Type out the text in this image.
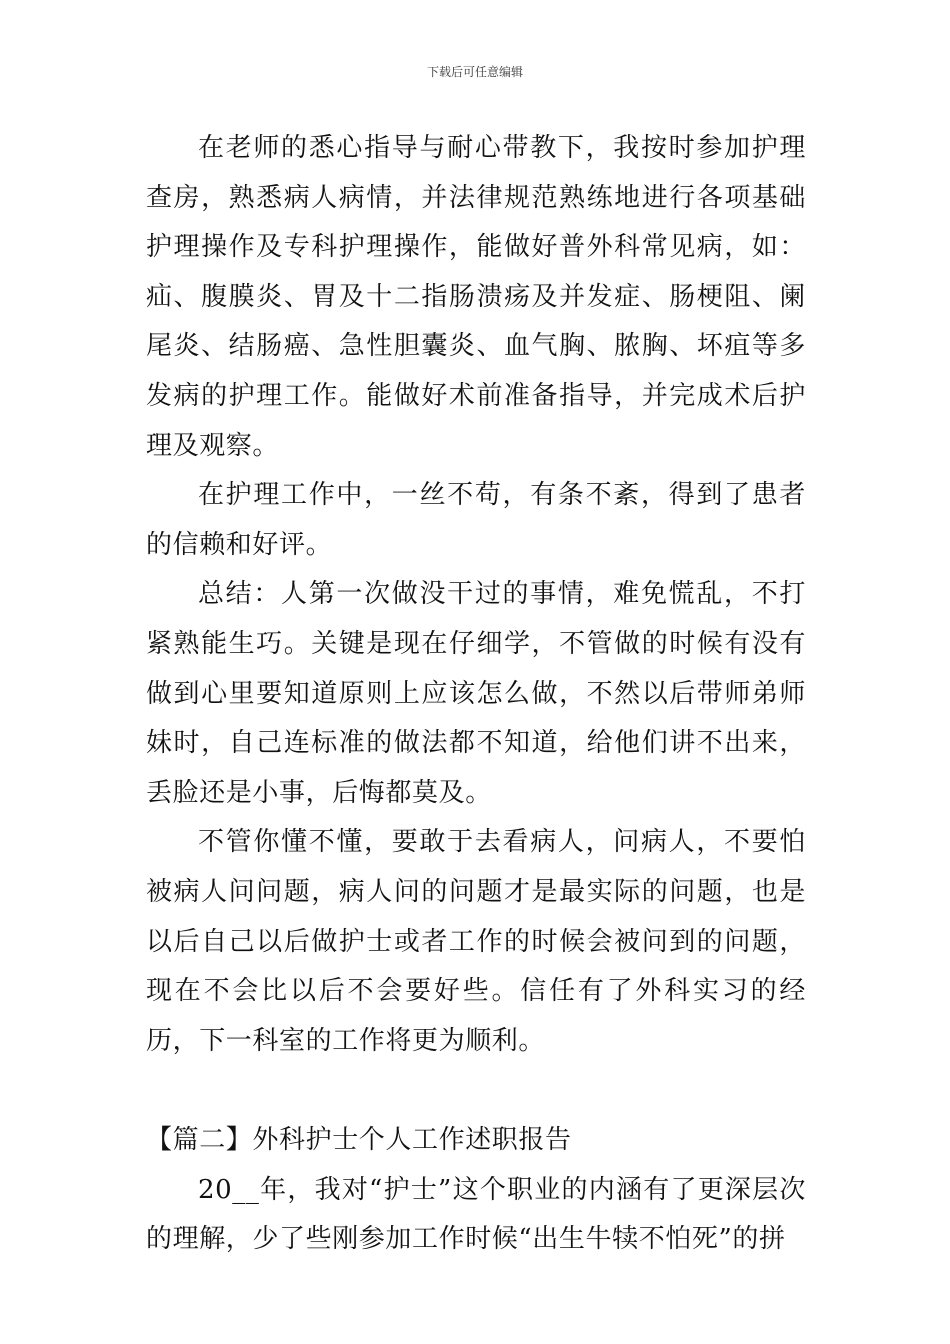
下载后可任意编辑

在老师的悉心指导与耐心带教下，我按时参加护理查房，熟悉病人病情，并法律规范熟练地进行各项基础护理操作及专科护理操作，能做好普外科常见病，如：疝、腹膜炎、胃及十二指肠溃疡及并发症、肠梗阻、阑尾炎、结肠癌、急性胆囊炎、血气胸、脓胸、坏疽等多发病的护理工作。能做好术前准备指导，并完成术后护理及观察。

在护理工作中，一丝不苟，有条不紊，得到了患者的信赖和好评。

总结：人第一次做没干过的事情，难免慌乱，不打紧熟能生巧。关键是现在仔细学，不管做的时候有没有做到心里要知道原则上应该怎么做，不然以后带师弟师妹时，自己连标准的做法都不知道，给他们讲不出来，丢脸还是小事，后悔都莫及。

不管你懂不懂，要敢于去看病人，问病人，不要怕被病人问问题，病人问的问题才是最实际的问题，也是以后自己以后做护士或者工作的时候会被问到的问题，现在不会比以后不会要好些。信任有了外科实习的经历，下一科室的工作将更为顺利。

【篇二】外科护士个人工作述职报告

20__年，我对“护士”这个职业的内涵有了更深层次的理解，少了些刚参加工作时候“出生牛犊不怕死”的拼
